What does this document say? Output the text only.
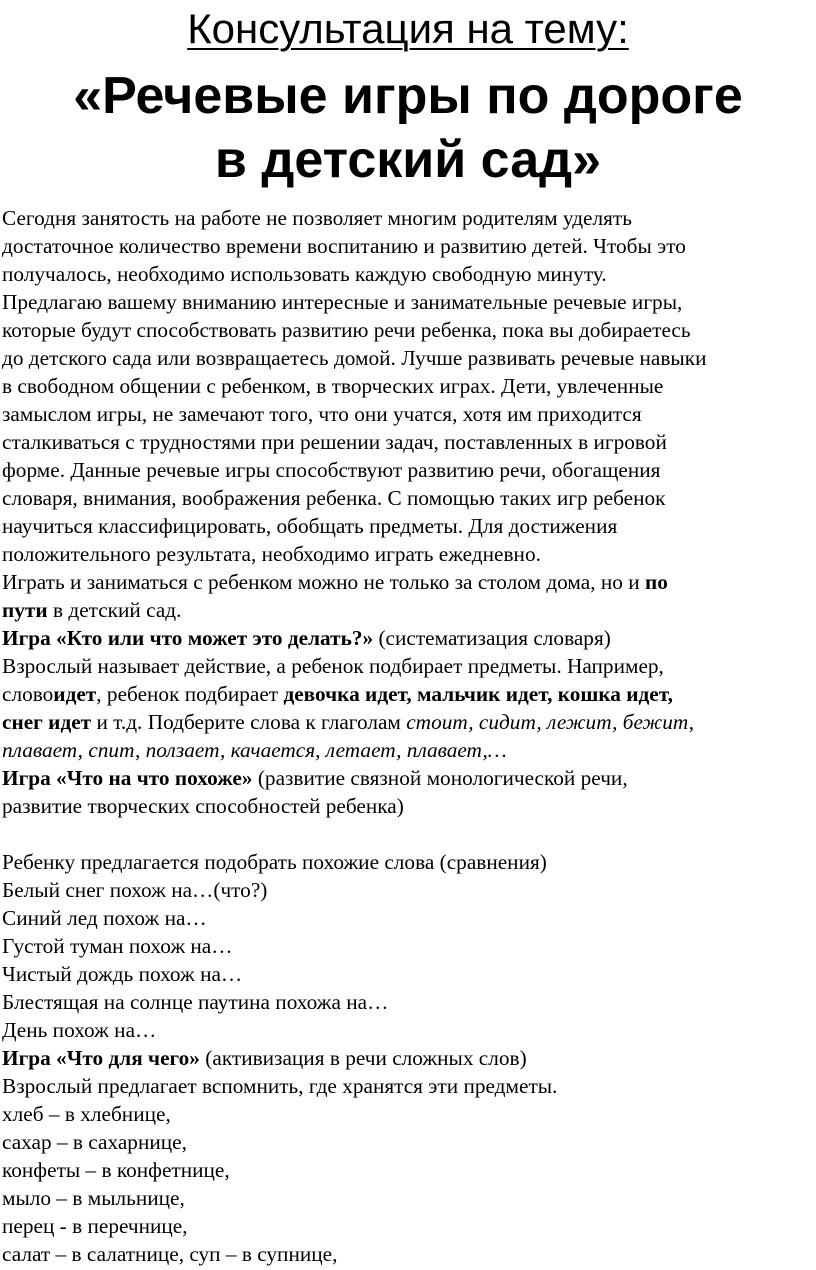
Консультация на тему:
«Речевые игры по дороге
в детский сад»
Сегодня занятость на работе не позволяет многим родителям уделять
достаточное количество времени воспитанию и развитию детей. Чтобы это
получалось, необходимо использовать каждую свободную минуту.
Предлагаю вашему вниманию интересные и занимательные речевые игры,
которые будут способствовать развитию речи ребенка, пока вы добираетесь
до детского сада или возвращаетесь домой. Лучше развивать речевые навыки
в свободном общении с ребенком, в творческих играх. Дети, увлеченные
замыслом игры, не замечают того, что они учатся, хотя им приходится
сталкиваться с трудностями при решении задач, поставленных в игровой
форме. Данные речевые игры способствуют развитию речи, обогащения
словаря, внимания, воображения ребенка. С помощью таких игр ребенок
научиться классифицировать, обобщать предметы. Для достижения
положительного результата, необходимо играть ежедневно.
Играть и заниматься с ребенком можно не только за столом дома, но и по
пути в детский сад.
Игра «Кто или что может это делать?» (систематизация словаря)
Взрослый называет действие, а ребенок подбирает предметы. Например,
словоидет, ребенок подбирает девочка идет, мальчик идет, кошка идет,
снег идет и т.д. Подберите слова к глаголам стоит, сидит, лежит, бежит,
плавает, спит, ползает, качается, летает, плавает,…
Игра «Что на что похоже» (развитие связной монологической речи,
развитие творческих способностей ребенка)
Ребенку предлагается подобрать похожие слова (сравнения)
Белый снег похож на…(что?)
Синий лед похож на…
Густой туман похож на…
Чистый дождь похож на…
Блестящая на солнце паутина похожа на…
День похож на…
Игра «Что для чего» (активизация в речи сложных слов)
Взрослый предлагает вспомнить, где хранятся эти предметы.
хлеб – в хлебнице,
сахар – в сахарнице,
конфеты – в конфетнице,
мыло – в мыльнице,
перец - в перечнице,
салат – в салатнице, суп – в супнице,
